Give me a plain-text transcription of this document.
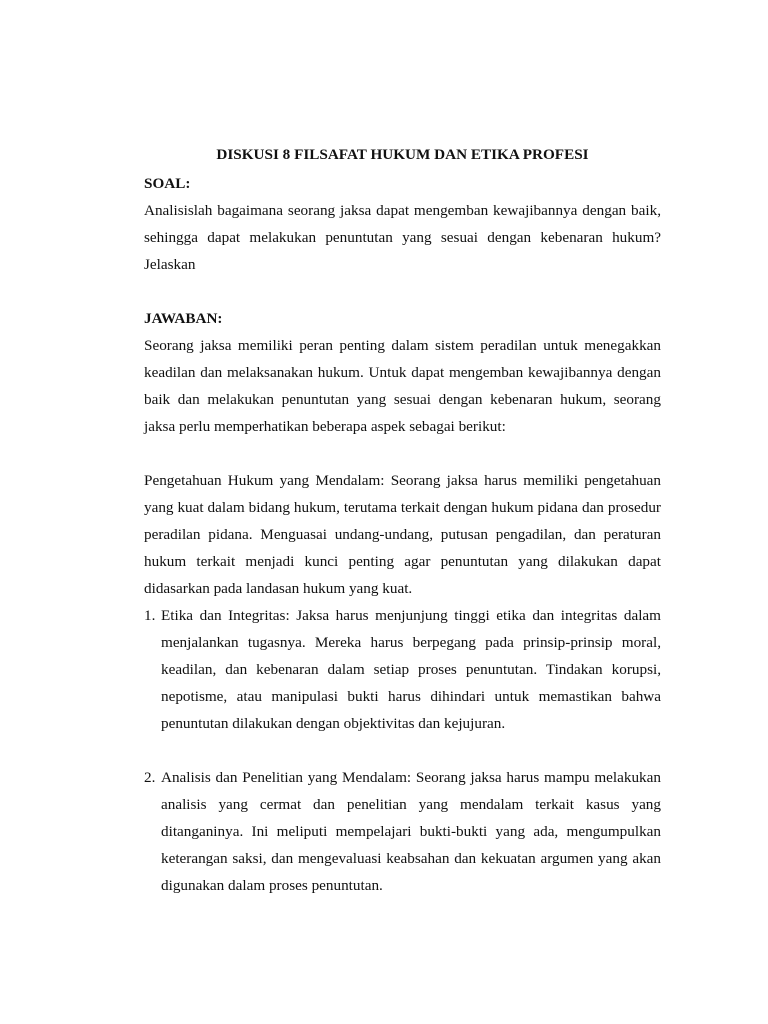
DISKUSI 8 FILSAFAT HUKUM DAN ETIKA PROFESI

SOAL:

Analisislah bagaimana seorang jaksa dapat mengemban kewajibannya dengan baik, sehingga dapat melakukan penuntutan yang sesuai dengan kebenaran hukum? Jelaskan

JAWABAN:

Seorang jaksa memiliki peran penting dalam sistem peradilan untuk menegakkan keadilan dan melaksanakan hukum. Untuk dapat mengemban kewajibannya dengan baik dan melakukan penuntutan yang sesuai dengan kebenaran hukum, seorang jaksa perlu memperhatikan beberapa aspek sebagai berikut:

Pengetahuan Hukum yang Mendalam: Seorang jaksa harus memiliki pengetahuan yang kuat dalam bidang hukum, terutama terkait dengan hukum pidana dan prosedur peradilan pidana. Menguasai undang-undang, putusan pengadilan, dan peraturan hukum terkait menjadi kunci penting agar penuntutan yang dilakukan dapat didasarkan pada landasan hukum yang kuat.

1. Etika dan Integritas: Jaksa harus menjunjung tinggi etika dan integritas dalam menjalankan tugasnya. Mereka harus berpegang pada prinsip-prinsip moral, keadilan, dan kebenaran dalam setiap proses penuntutan. Tindakan korupsi, nepotisme, atau manipulasi bukti harus dihindari untuk memastikan bahwa penuntutan dilakukan dengan objektivitas dan kejujuran.
2. Analisis dan Penelitian yang Mendalam: Seorang jaksa harus mampu melakukan analisis yang cermat dan penelitian yang mendalam terkait kasus yang ditanganinya. Ini meliputi mempelajari bukti-bukti yang ada, mengumpulkan keterangan saksi, dan mengevaluasi keabsahan dan kekuatan argumen yang akan digunakan dalam proses penuntutan.
